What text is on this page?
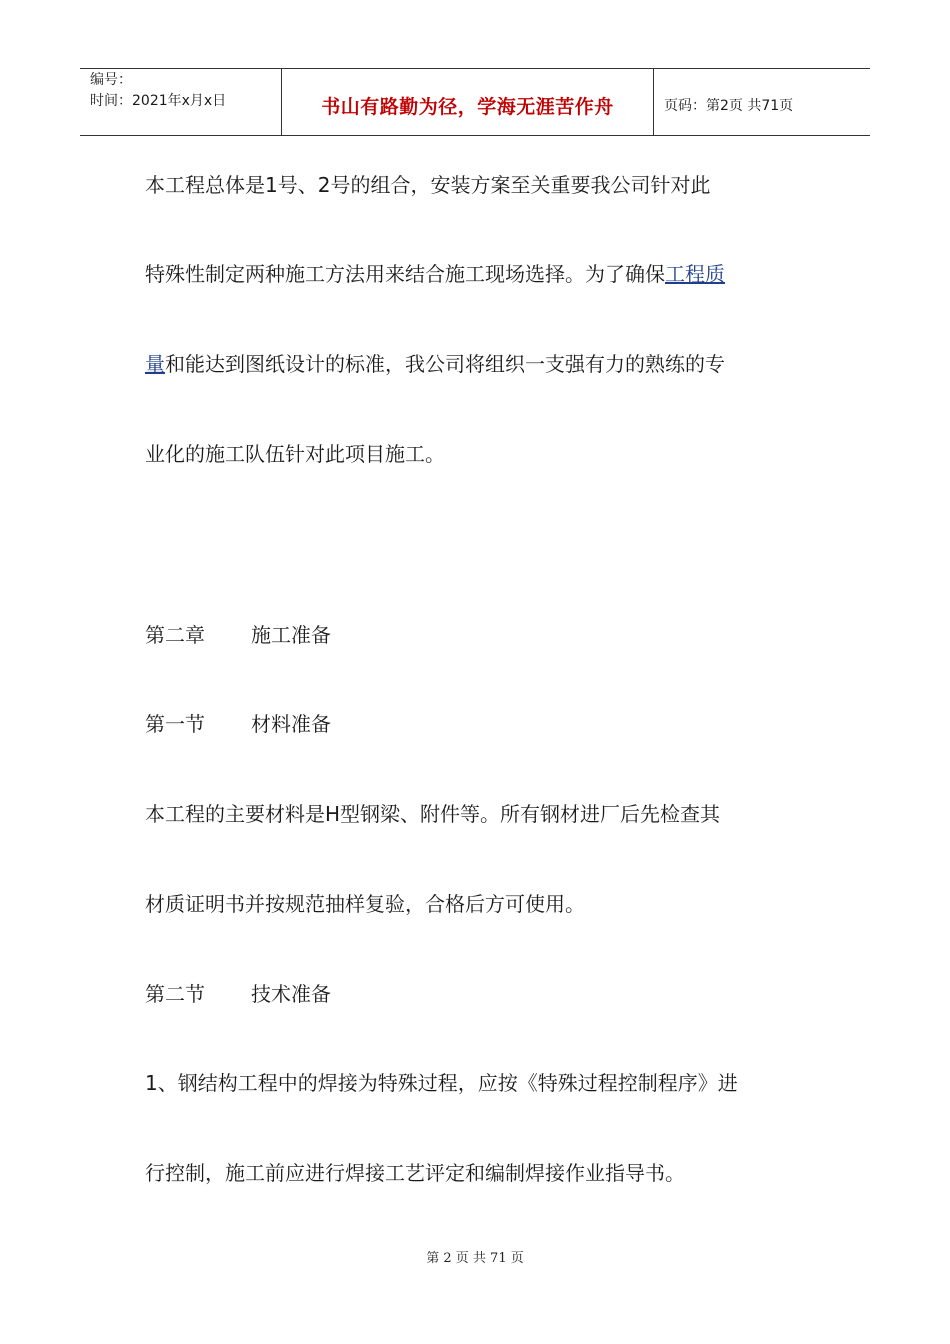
编号：
时间：2021年x月x日	书山有路勤为径，学海无涯苦作舟	页码：第2页 共71页
本工程总体是1号、2号的组合，安装方案至关重要我公司针对此
特殊性制定两种施工方法用来结合施工现场选择。为了确保工程质
量和能达到图纸设计的标准，我公司将组织一支强有力的熟练的专
业化的施工队伍针对此项目施工。
第二章 施工准备
第一节 材料准备
本工程的主要材料是H型钢梁、附件等。所有钢材进厂后先检查其
材质证明书并按规范抽样复验，合格后方可使用。
第二节 技术准备
1、钢结构工程中的焊接为特殊过程，应按《特殊过程控制程序》进
行控制，施工前应进行焊接工艺评定和编制焊接作业指导书。
第 2 页 共 71 页
